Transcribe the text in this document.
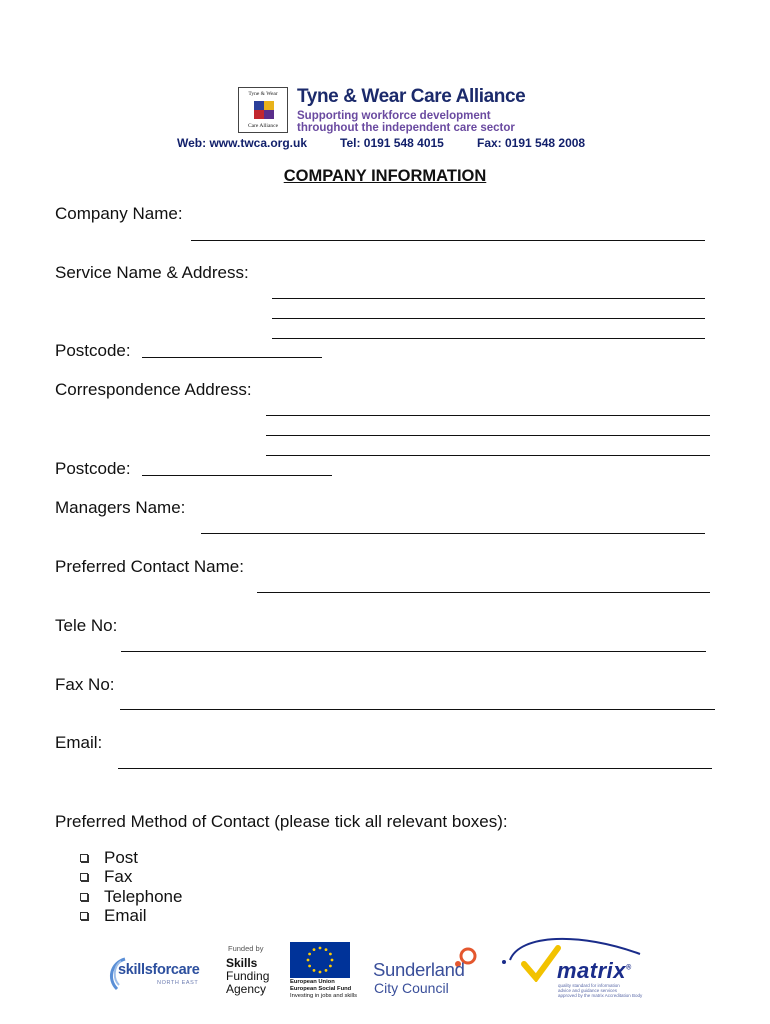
Tyne & Wear
Care Alliance
Tyne & Wear Care Alliance
Supporting workforce development
throughout the independent care sector
Web: www.twca.org.uk	Tel: 0191 548 4015	Fax: 0191 548 2008
COMPANY INFORMATION
Company Name:
Service Name & Address:
Postcode:
Correspondence Address:
Postcode:
Managers Name:
Preferred Contact Name:
Tele No:
Fax No:
Email:
Preferred Method of Contact (please tick all relevant boxes):
Post
Fax
Telephone
Email
skillsforcare
NORTH EAST
Funded by
Skills
Funding
Agency	European Union
European Social Fund
Investing in jobs and skills
Sunderland
City Council
matrix®
quality standard for information
advice and guidance services
approved by the matrix Accreditation Body
